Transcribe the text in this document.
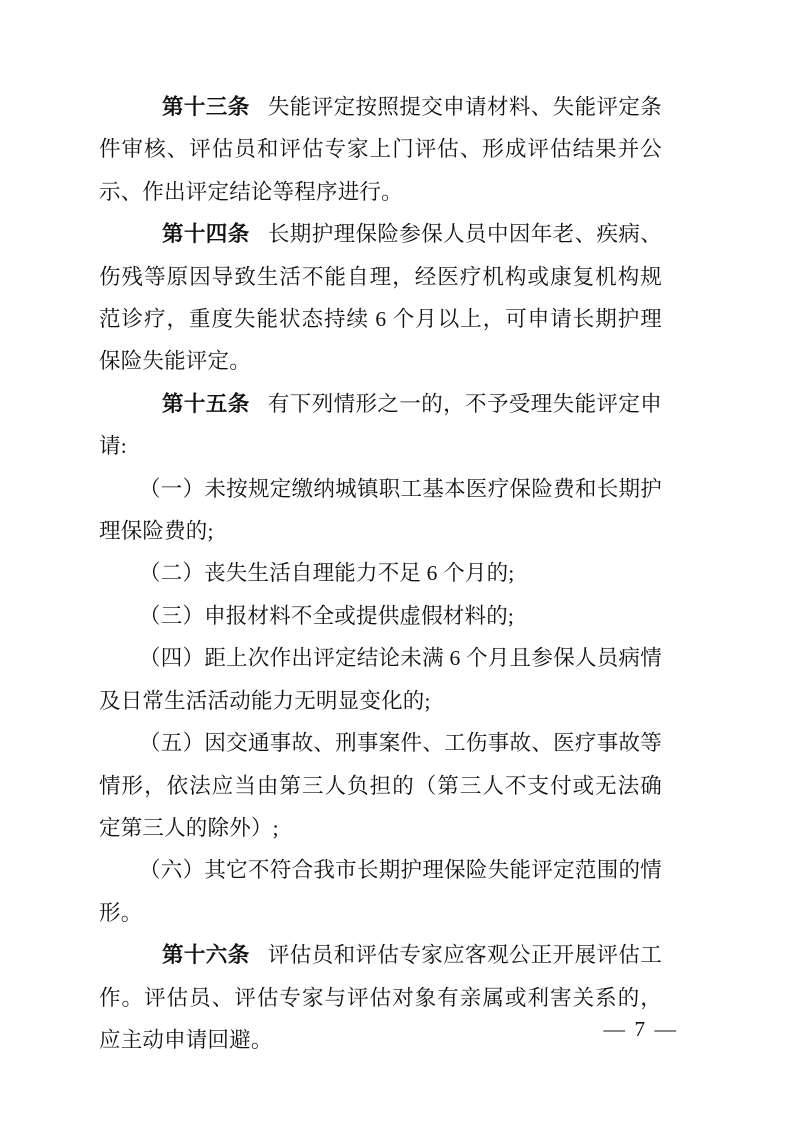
第十三条 失能评定按照提交申请材料、失能评定条件审核、评估员和评估专家上门评估、形成评估结果并公示、作出评定结论等程序进行。

第十四条 长期护理保险参保人员中因年老、疾病、伤残等原因导致生活不能自理，经医疗机构或康复机构规范诊疗，重度失能状态持续 6 个月以上，可申请长期护理保险失能评定。

第十五条 有下列情形之一的，不予受理失能评定申请:

（一）未按规定缴纳城镇职工基本医疗保险费和长期护理保险费的;

（二）丧失生活自理能力不足 6 个月的;

（三）申报材料不全或提供虚假材料的;

（四）距上次作出评定结论未满 6 个月且参保人员病情及日常生活活动能力无明显变化的;

（五）因交通事故、刑事案件、工伤事故、医疗事故等情形，依法应当由第三人负担的（第三人不支付或无法确定第三人的除外）;

（六）其它不符合我市长期护理保险失能评定范围的情形。

第十六条 评估员和评估专家应客观公正开展评估工作。评估员、评估专家与评估对象有亲属或利害关系的，应主动申请回避。	— 7 —
